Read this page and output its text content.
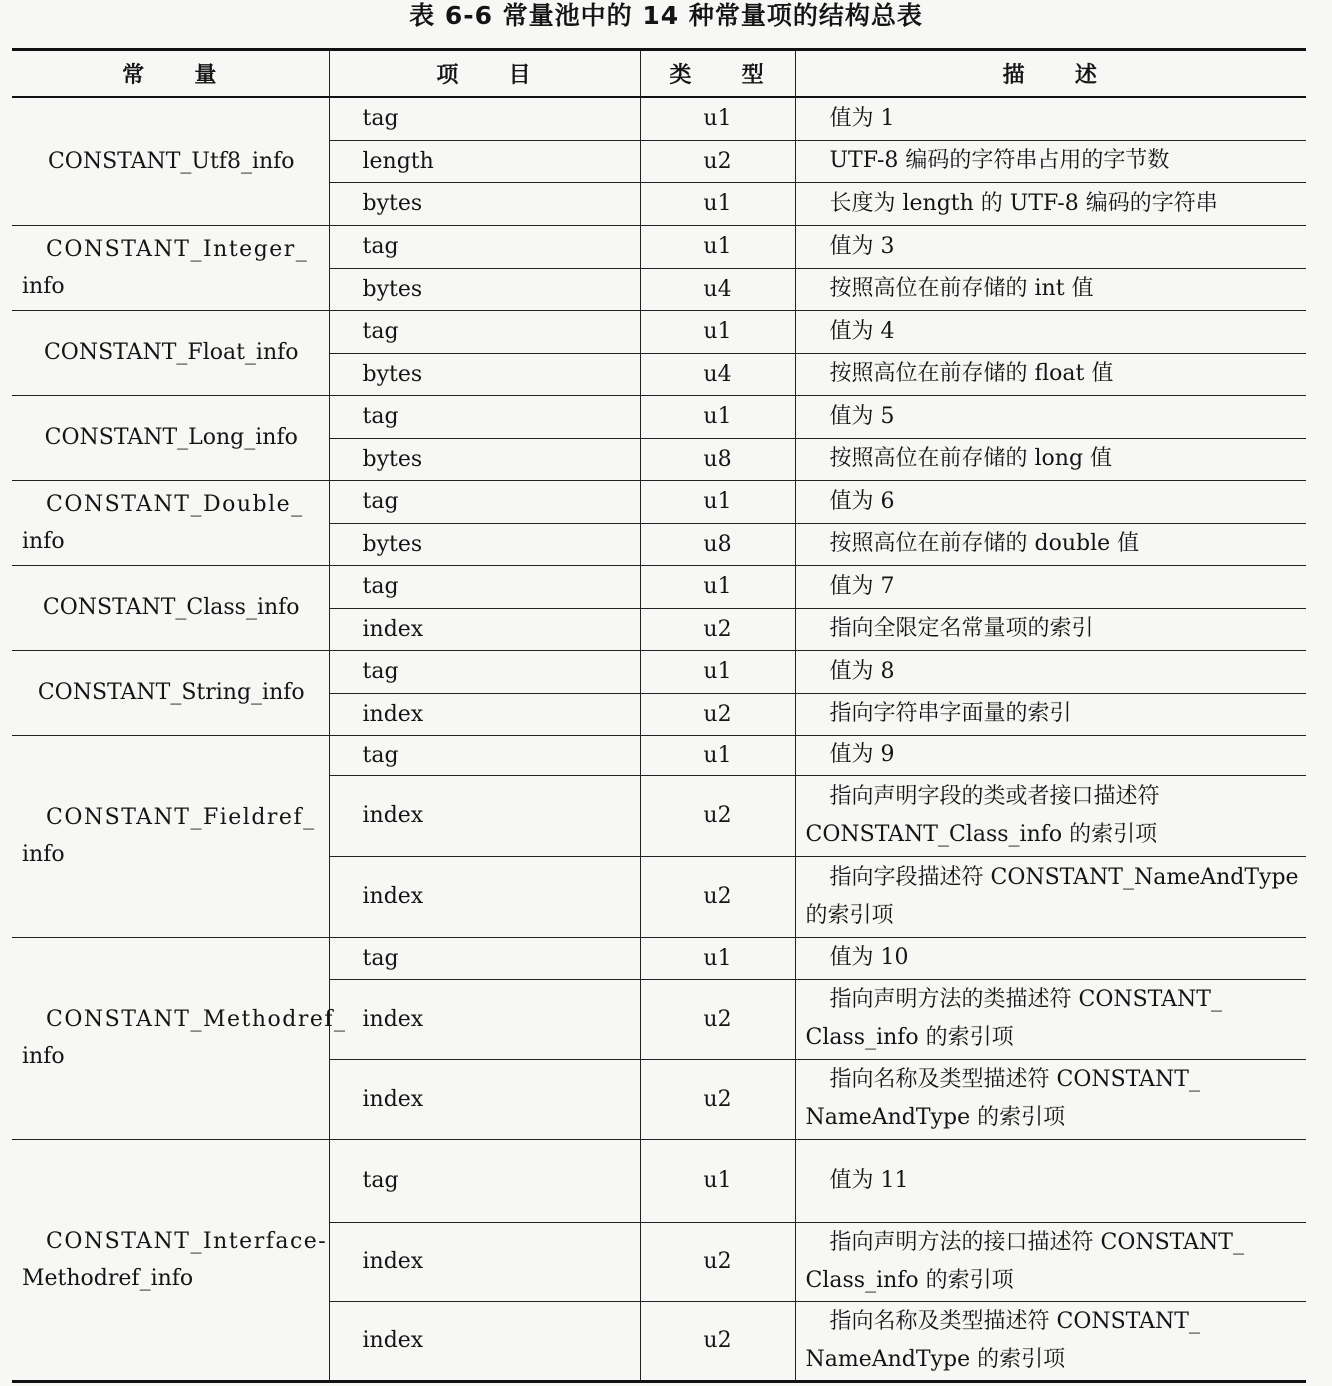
表 6-6 常量池中的 14 种常量项的结构总表
常     量	项     目	类     型	描     述

CONSTANT_Utf8_info	tag	u1	值为 1

	length	u2	UTF-8 编码的字符串占用的字节数

	bytes	u1	长度为 length 的 UTF-8 编码的字符串

CONSTANT_Integer_
info	tag	u1	值为 3

	bytes	u4	按照高位在前存储的 int 值

CONSTANT_Float_info	tag	u1	值为 4

	bytes	u4	按照高位在前存储的 float 值

CONSTANT_Long_info	tag	u1	值为 5

	bytes	u8	按照高位在前存储的 long 值

CONSTANT_Double_
info	tag	u1	值为 6

	bytes	u8	按照高位在前存储的 double 值

CONSTANT_Class_info	tag	u1	值为 7

	index	u2	指向全限定名常量项的索引

CONSTANT_String_info	tag	u1	值为 8

	index	u2	指向字符串字面量的索引

CONSTANT_Fieldref_
info	tag	u1	值为 9

	index	u2	指向声明字段的类或者接口描述符
CONSTANT_Class_info 的索引项

	index	u2	指向字段描述符 CONSTANT_NameAndType
的索引项

CONSTANT_Methodref_
info	tag	u1	值为 10

	index	u2	指向声明方法的类描述符 CONSTANT_
Class_info 的索引项

	index	u2	指向名称及类型描述符 CONSTANT_
NameAndType 的索引项

CONSTANT_Interface-
Methodref_info	tag	u1	值为 11

	index	u2	指向声明方法的接口描述符 CONSTANT_
Class_info 的索引项

	index	u2	指向名称及类型描述符 CONSTANT_
NameAndType 的索引项
